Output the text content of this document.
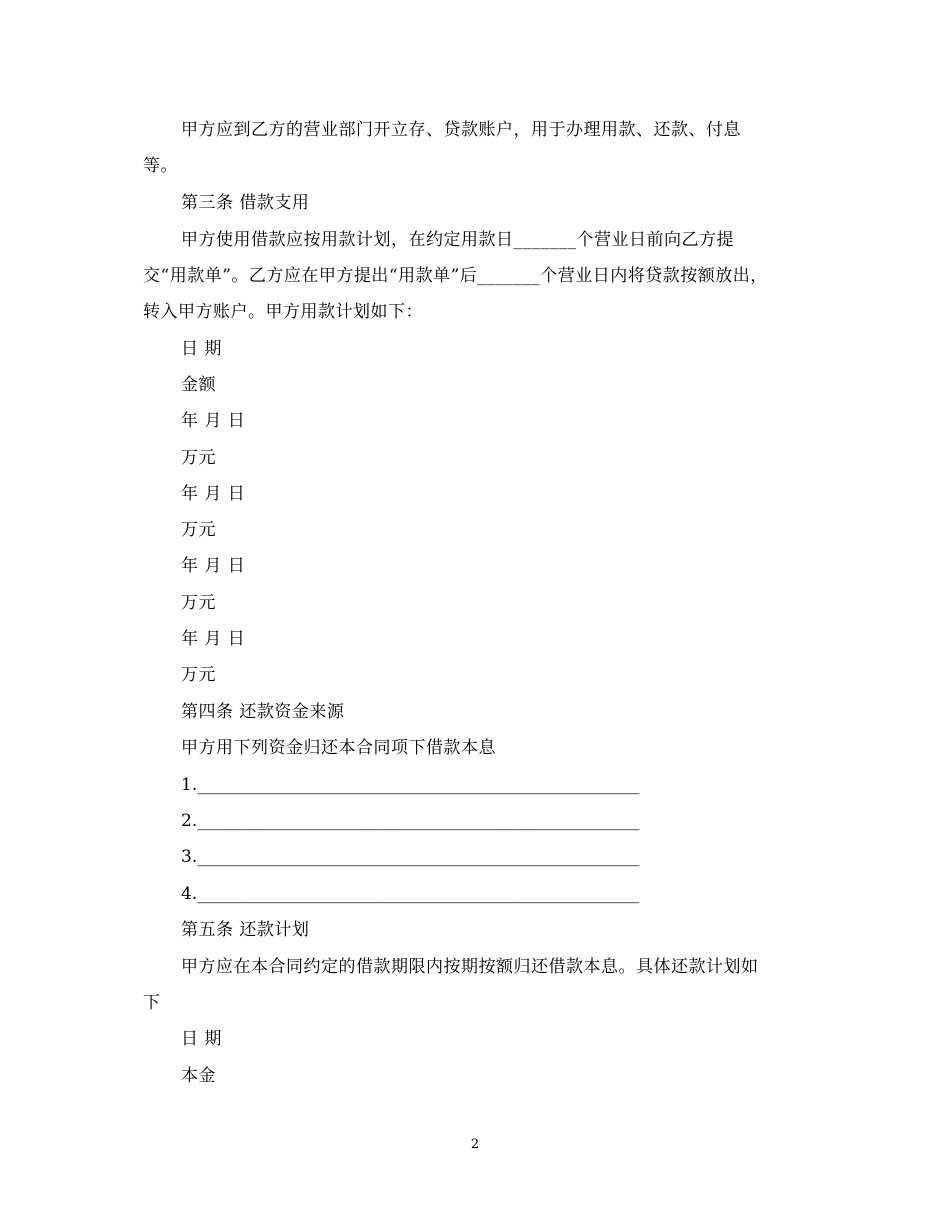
甲方应到乙方的营业部门开立存、贷款账户，用于办理用款、还款、付息
等。
第三条 借款支用
甲方使用借款应按用款计划，在约定用款日_______个营业日前向乙方提
交“用款单”。乙方应在甲方提出“用款单”后_______个营业日内将贷款按额放出，
转入甲方账户。甲方用款计划如下：
日 期
金额
年 月 日
万元
年 月 日
万元
年 月 日
万元
年 月 日
万元
第四条 还款资金来源
甲方用下列资金归还本合同项下借款本息
1.____________________________________________________
2.____________________________________________________
3.____________________________________________________
4.____________________________________________________
第五条 还款计划
甲方应在本合同约定的借款期限内按期按额归还借款本息。具体还款计划如
下
日 期
本金
2
